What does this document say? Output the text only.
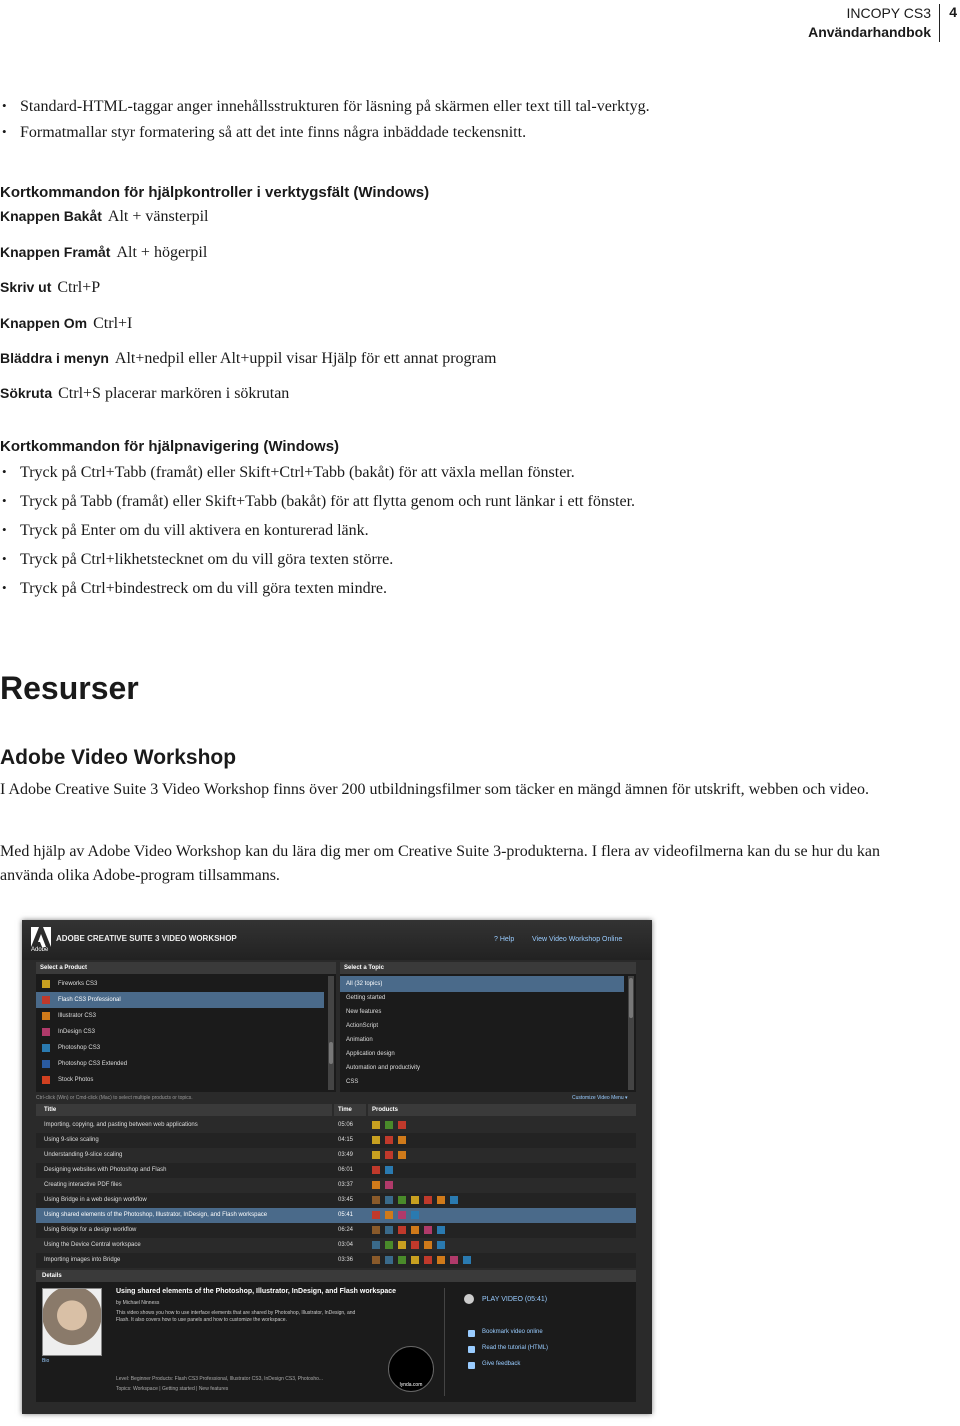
INCOPY CS3
Användarhandbok
4
• Standard-HTML-taggar anger innehållsstrukturen för läsning på skärmen eller text till tal-verktyg.
• Formatmallar styr formatering så att det inte finns några inbäddade teckensnitt.
Kortkommandon för hjälpkontroller i verktygsfält (Windows)
Knappen Bakåt Alt + vänsterpil
Knappen Framåt Alt + högerpil
Skriv ut Ctrl+P
Knappen Om Ctrl+I
Bläddra i menyn Alt+nedpil eller Alt+uppil visar Hjälp för ett annat program
Sökruta Ctrl+S placerar markören i sökrutan
Kortkommandon för hjälpnavigering (Windows)
• Tryck på Ctrl+Tabb (framåt) eller Skift+Ctrl+Tabb (bakåt) för att växla mellan fönster.
• Tryck på Tabb (framåt) eller Skift+Tabb (bakåt) för att flytta genom och runt länkar i ett fönster.
• Tryck på Enter om du vill aktivera en konturerad länk.
• Tryck på Ctrl+likhetstecknet om du vill göra texten större.
• Tryck på Ctrl+bindestreck om du vill göra texten mindre.
Resurser
Adobe Video Workshop
I Adobe Creative Suite 3 Video Workshop finns över 200 utbildningsfilmer som täcker en mängd ämnen för utskrift, webben och video.
Med hjälp av Adobe Video Workshop kan du lära dig mer om Creative Suite 3-produkterna. I flera av videofilmerna kan du se hur du kan använda olika Adobe-program tillsammans.
Adobe
ADOBE CREATIVE SUITE 3 VIDEO WORKSHOP	? Help	View Video Workshop Online
Select a Product
Fireworks CS3
Flash CS3 Professional
Illustrator CS3
InDesign CS3
Photoshop CS3
Photoshop CS3 Extended
Stock Photos
Select a Topic
All (32 topics)
Getting started
New features
ActionScript
Animation
Application design
Automation and productivity
CSS
Ctrl-click (Win) or Cmd-click (Mac) to select multiple products or topics.	Customize Video Menu ▾
Title	Time	Products
Importing, copying, and pasting between web applications	05:06
Using 9-slice scaling	04:15
Understanding 9-slice scaling	03:49
Designing websites with Photoshop and Flash	06:01
Creating interactive PDF files	03:37
Using Bridge in a web design workflow	03:45
Using shared elements of the Photoshop, Illustrator, InDesign, and Flash workspace	05:41
Using Bridge for a design workflow	06:24
Using the Device Central workspace	03:04
Importing images into Bridge	03:36
Details
Bio
Using shared elements of the Photoshop, Illustrator, InDesign, and Flash workspace
by Michael Ninness
This video shows you how to use interface elements that are shared by Photoshop, Illustrator, InDesign, and Flash. It also covers how to use panels and how to customize the workspace.
Level: Beginner Products: Flash CS3 Professional, Illustrator CS3, InDesign CS3, Photosho...
Topics: Workspace | Getting started | New features
lynda.com
PLAY VIDEO (05:41)
Bookmark video online
Read the tutorial (HTML)
Give feedback
